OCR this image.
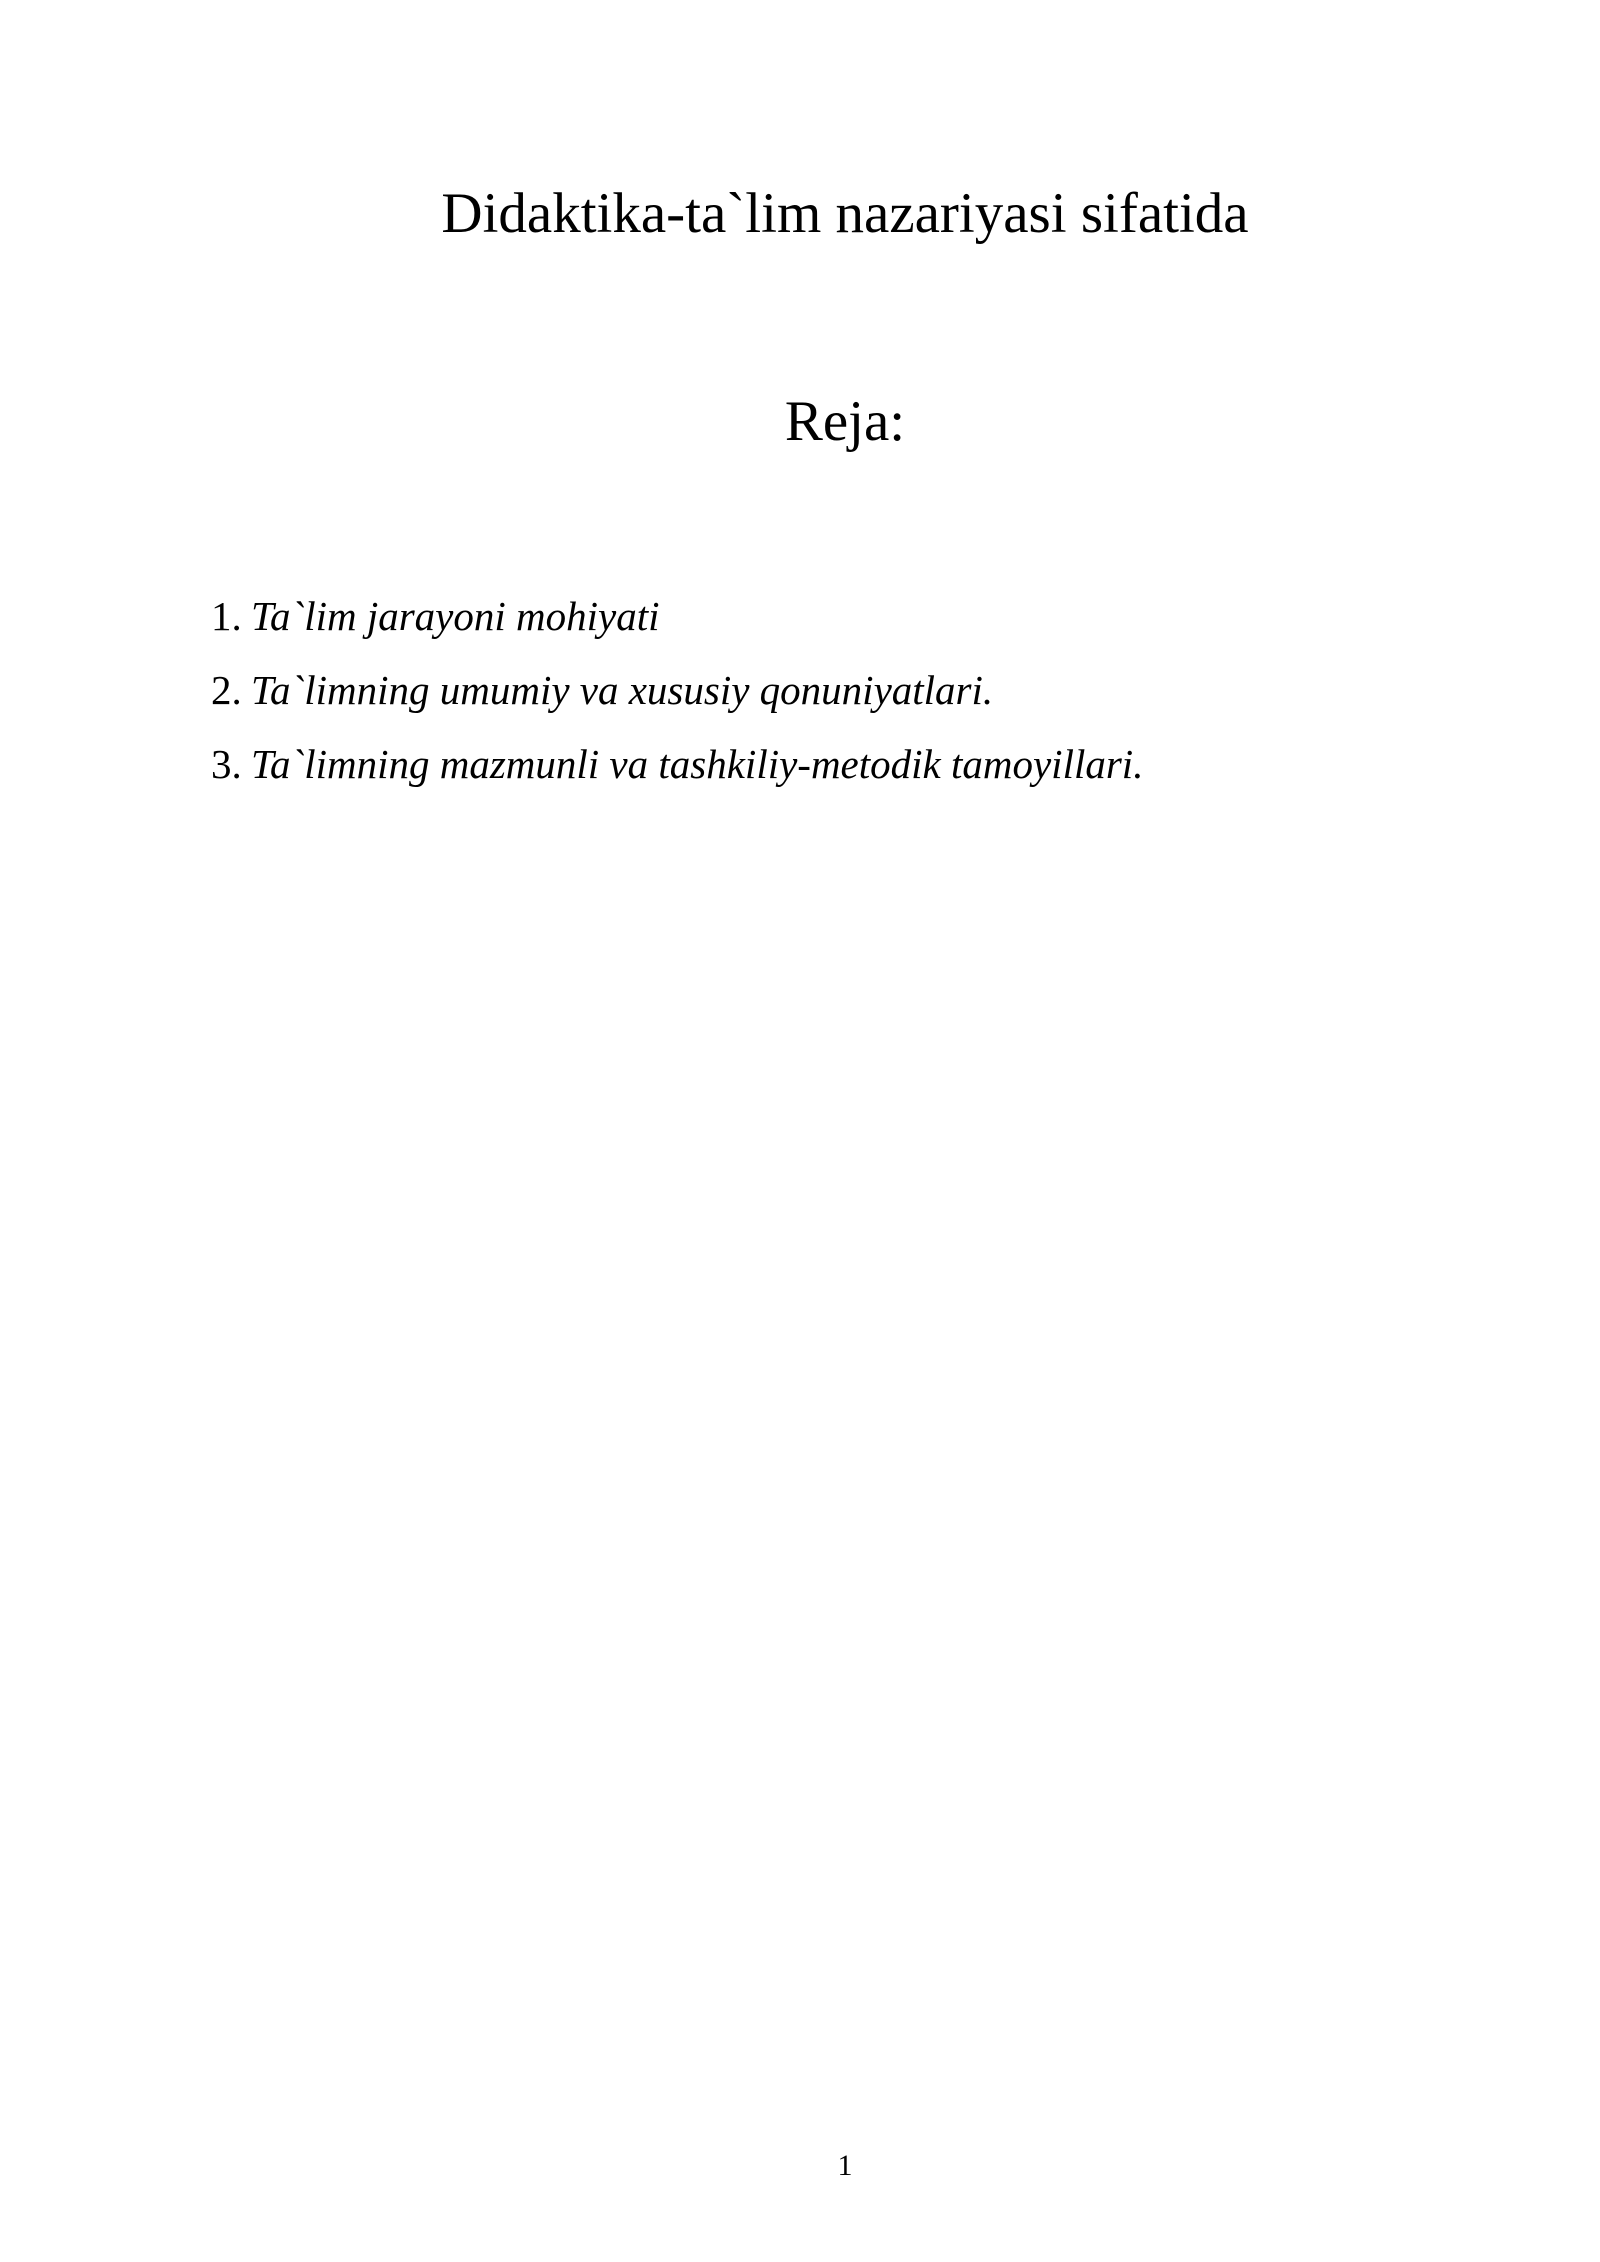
Didaktika-ta`lim nazariyasi sifatida
Reja:
1. Ta`lim jarayoni mohiyati
2. Ta`limning umumiy va xususiy qonuniyatlari.
3. Ta`limning mazmunli va tashkiliy-metodik tamoyillari.
1
